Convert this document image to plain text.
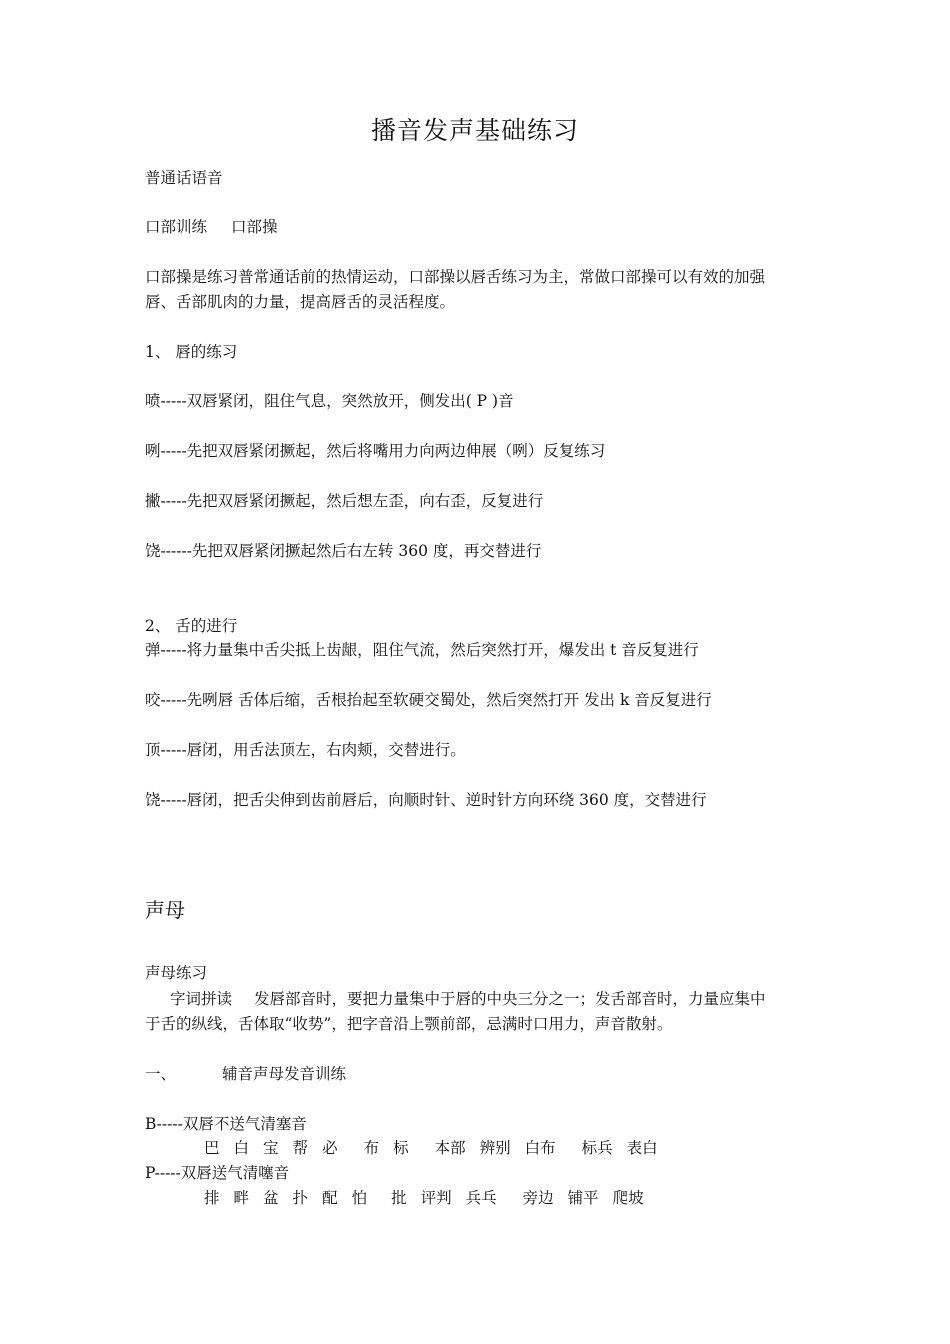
播音发声基础练习

普通话语音

口部训练 口部操

口部操是练习普常通话前的热情运动，口部操以唇舌练习为主，常做口部操可以有效的加强

唇、舌部肌肉的力量，提高唇舌的灵活程度。

1、 唇的练习

喷-----双唇紧闭，阻住气息，突然放开，侧发出( P )音

咧-----先把双唇紧闭撅起，然后将嘴用力向两边伸展（咧）反复练习

撇-----先把双唇紧闭撅起，然后想左歪，向右歪，反复进行

饶------先把双唇紧闭撅起然后右左转 360 度，再交替进行

2、 舌的进行

弹-----将力量集中舌尖抵上齿龈，阻住气流，然后突然打开，爆发出 t 音反复进行

咬-----先咧唇 舌体后缩，舌根抬起至软硬交蜀处，然后突然打开 发出 k 音反复进行

顶-----唇闭，用舌法顶左，右肉颊，交替进行。

饶-----唇闭，把舌尖伸到齿前唇后，向顺时针、逆时针方向环绕 360 度，交替进行

声母

声母练习

字词拼读 发唇部音时，要把力量集中于唇的中央三分之一；发舌部音时，力量应集中

于舌的纵线，舌体取“收势”，把字音沿上颚前部，忌满时口用力，声音散射。

一、	辅音声母发音训练

B-----双唇不送气清塞音

巴 白 宝 帮 必 布 标 本部 辨别 白布 标兵 表白

P-----双唇送气清噻音

排 畔 盆 扑 配 怕 批 评判 兵乓 旁边 铺平 爬坡
